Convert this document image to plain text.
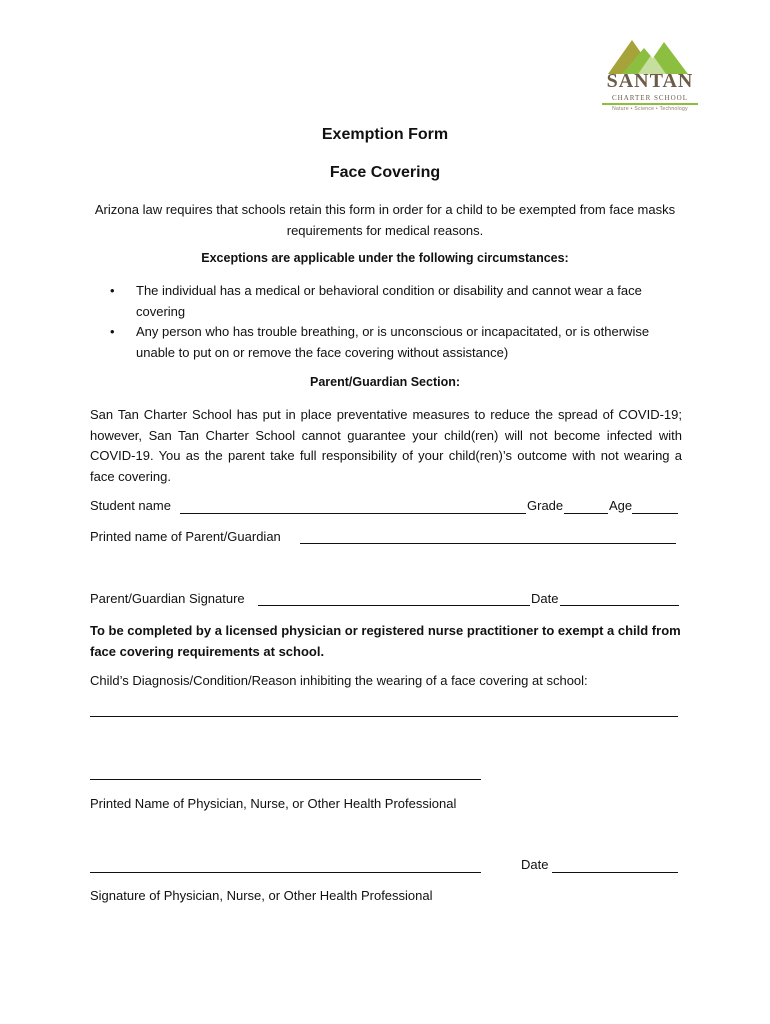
SANTAN
CHARTER SCHOOL
Nature • Science • Technology
Exemption Form
Face Covering
Arizona law requires that schools retain this form in order for a child to be exempted from face masks requirements for medical reasons.
Exceptions are applicable under the following circumstances:
• The individual has a medical or behavioral condition or disability and cannot wear a face covering
• Any person who has trouble breathing, or is unconscious or incapacitated, or is otherwise unable to put on or remove the face covering without assistance)
Parent/Guardian Section:
San Tan Charter School has put in place preventative measures to reduce the spread of COVID-19; however, San Tan Charter School cannot guarantee your child(ren) will not become infected with COVID-19. You as the parent take full responsibility of your child(ren)’s outcome with not wearing a face covering.
Student name	Grade	Age
Printed name of Parent/Guardian
Parent/Guardian Signature	Date
To be completed by a licensed physician or registered nurse practitioner to exempt a child from face covering requirements at school.
Child’s Diagnosis/Condition/Reason inhibiting the wearing of a face covering at school:
Printed Name of Physician, Nurse, or Other Health Professional
Date
Signature of Physician, Nurse, or Other Health Professional
